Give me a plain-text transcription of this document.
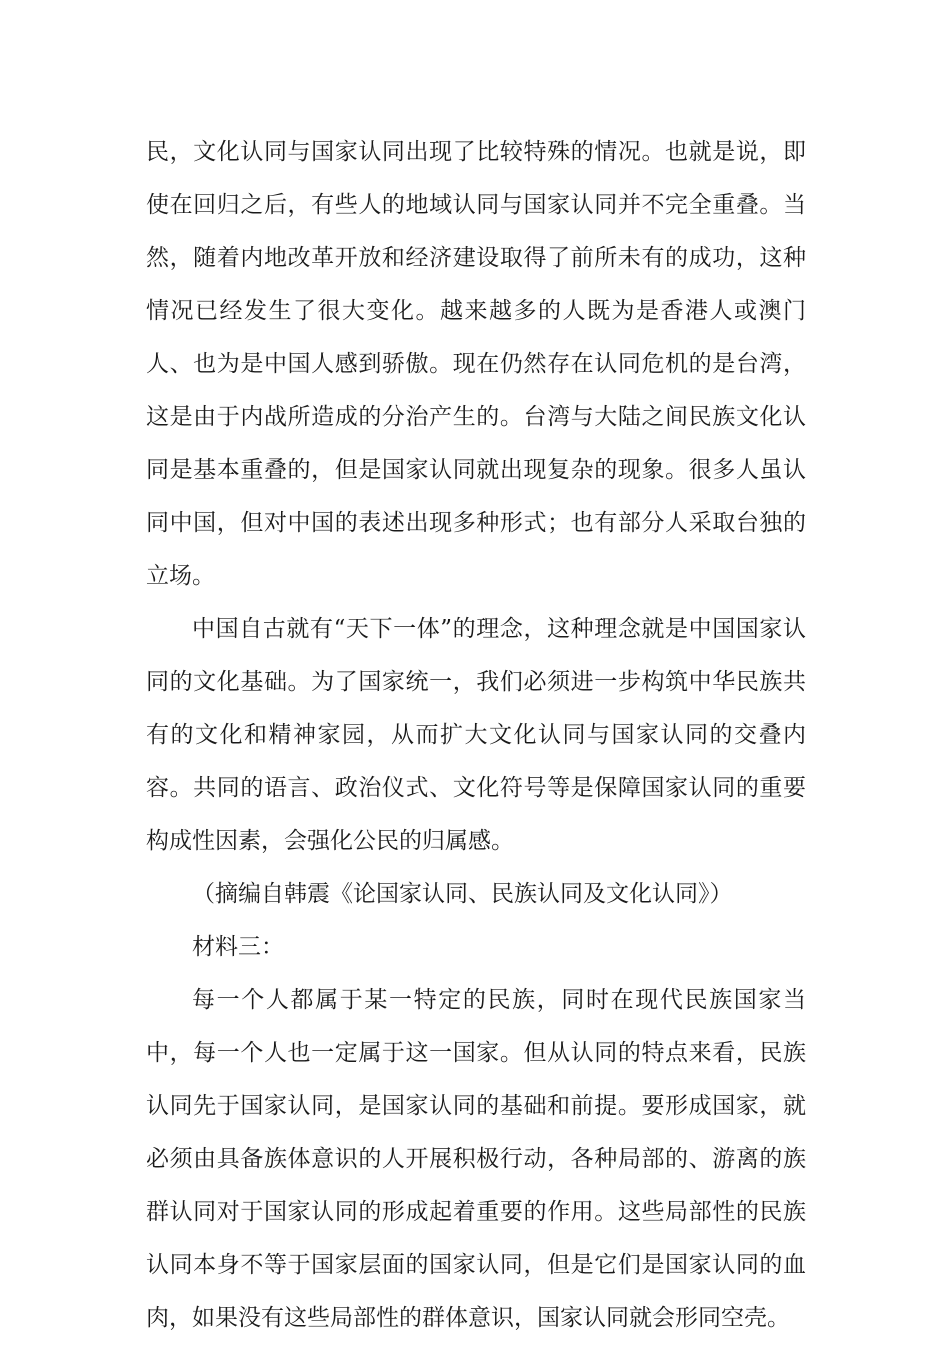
民，文化认同与国家认同出现了比较特殊的情况。也就是说，即使在回归之后，有些人的地域认同与国家认同并不完全重叠。当然，随着内地改革开放和经济建设取得了前所未有的成功，这种情况已经发生了很大变化。越来越多的人既为是香港人或澳门人、也为是中国人感到骄傲。现在仍然存在认同危机的是台湾，这是由于内战所造成的分治产生的。台湾与大陆之间民族文化认同是基本重叠的，但是国家认同就出现复杂的现象。很多人虽认同中国，但对中国的表述出现多种形式；也有部分人采取台独的立场。

中国自古就有“天下一体”的理念，这种理念就是中国国家认同的文化基础。为了国家统一，我们必须进一步构筑中华民族共有的文化和精神家园，从而扩大文化认同与国家认同的交叠内容。共同的语言、政治仪式、文化符号等是保障国家认同的重要构成性因素，会强化公民的归属感。

（摘编自韩震《论国家认同、民族认同及文化认同》）

材料三：

每一个人都属于某一特定的民族，同时在现代民族国家当中，每一个人也一定属于这一国家。但从认同的特点来看，民族认同先于国家认同，是国家认同的基础和前提。要形成国家，就必须由具备族体意识的人开展积极行动，各种局部的、游离的族群认同对于国家认同的形成起着重要的作用。这些局部性的民族认同本身不等于国家层面的国家认同，但是它们是国家认同的血肉，如果没有这些局部性的群体意识，国家认同就会形同空壳。
